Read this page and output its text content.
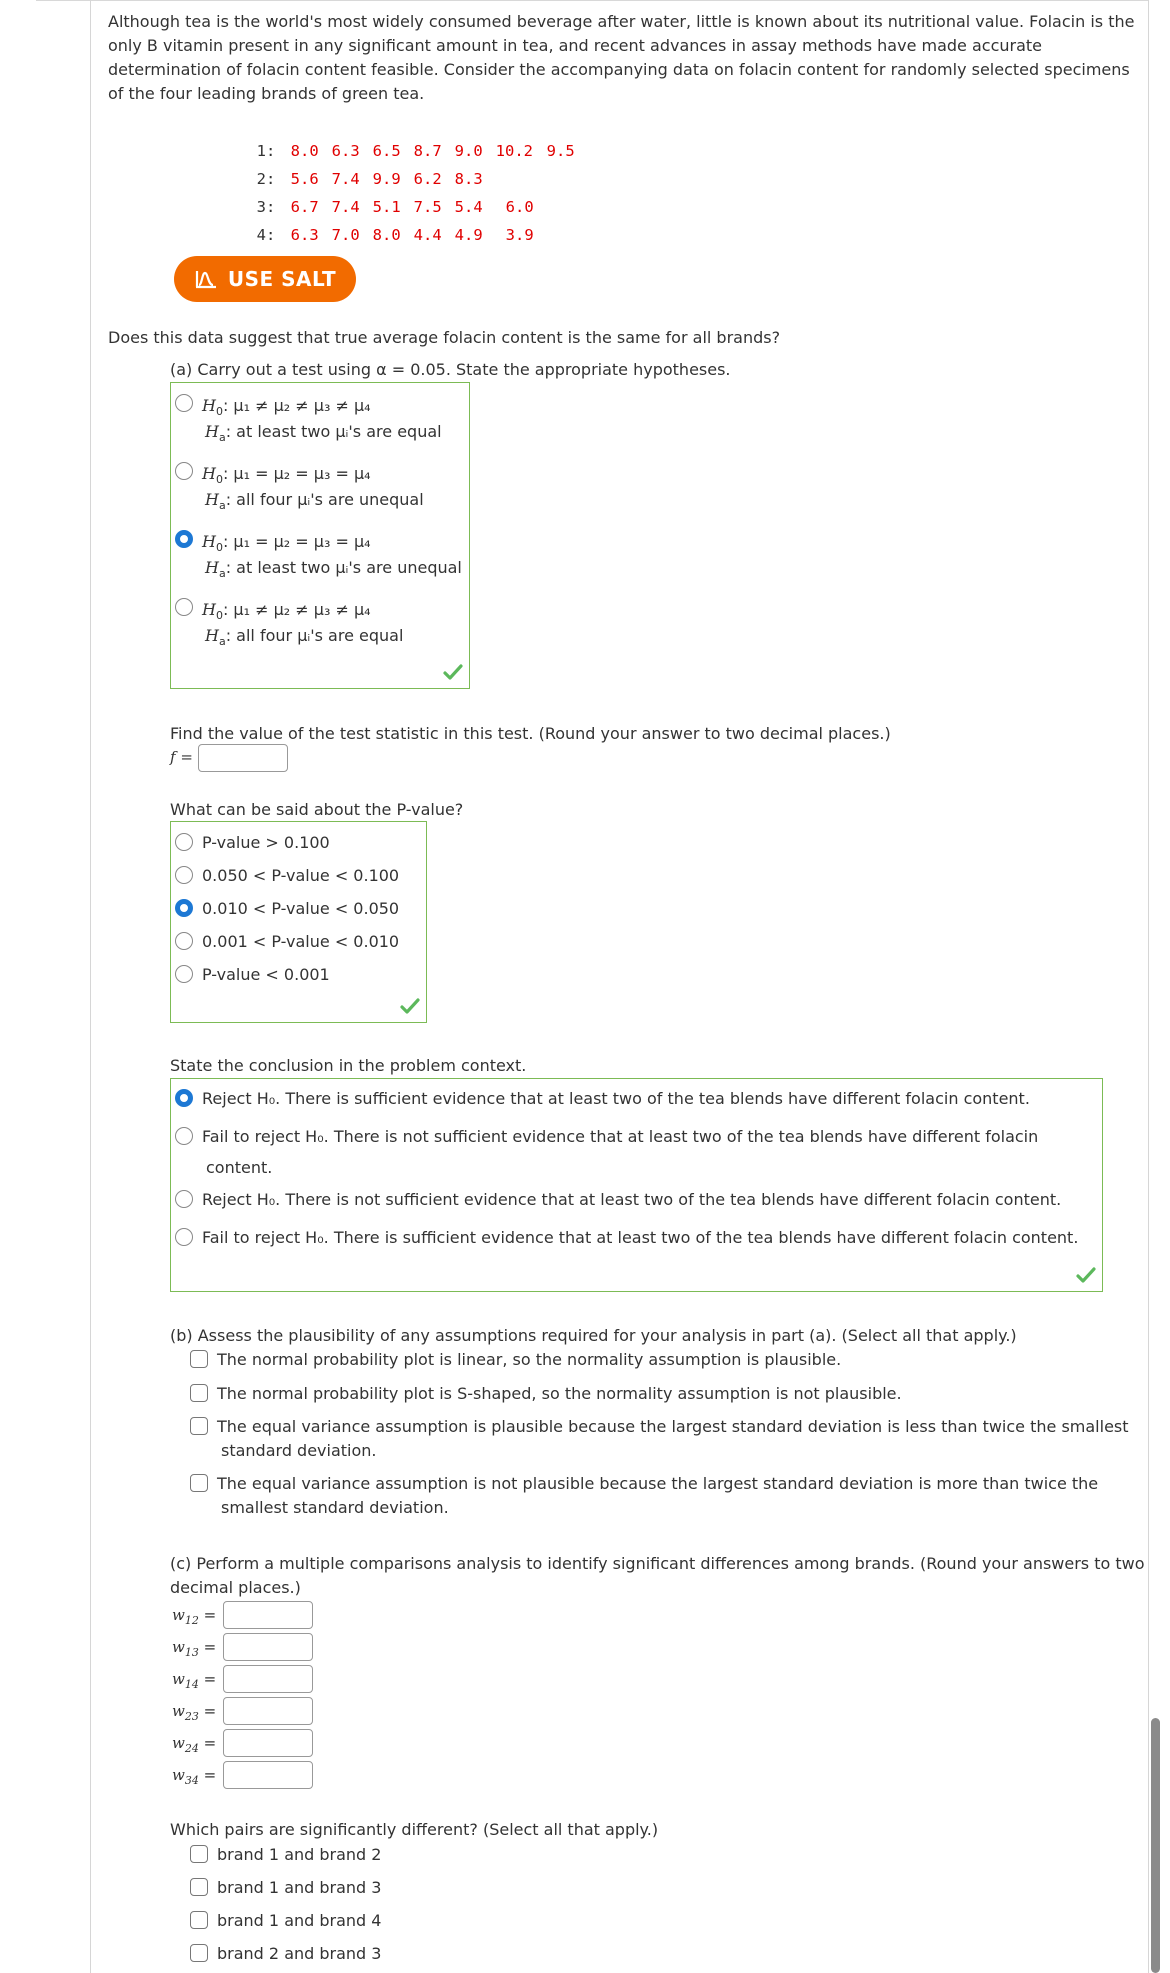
Although tea is the world's most widely consumed beverage after water, little is known about its nutritional value. Folacin is the only B vitamin present in any significant amount in tea, and recent advances in assay methods have made accurate determination of folacin content feasible. Consider the accompanying data on folacin content for randomly selected specimens of the four leading brands of green tea.

1: 8.0 6.3 6.5 8.7 9.0 10.2 9.5

2: 5.6 7.4 9.9 6.2 8.3

3: 6.7 7.4 5.1 7.5 5.4 6.0

4: 6.3 7.0 8.0 4.4 4.9 3.9

USE SALT
Does this data suggest that true average folacin content is the same for all brands?
(a) Carry out a test using α = 0.05. State the appropriate hypotheses.
$H_0$: μ₁ ≠ μ₂ ≠ μ₃ ≠ μ₄
$H_a$: at least two μᵢ's are equal
$H_0$: μ₁ = μ₂ = μ₃ = μ₄
$H_a$: all four μᵢ's are unequal
$H_0$: μ₁ = μ₂ = μ₃ = μ₄
$H_a$: at least two μᵢ's are unequal
$H_0$: μ₁ ≠ μ₂ ≠ μ₃ ≠ μ₄
$H_a$: all four μᵢ's are equal
Find the value of the test statistic in this test. (Round your answer to two decimal places.)
f =
What can be said about the P-value?
P-value > 0.100
0.050 < P-value < 0.100
0.010 < P-value < 0.050
0.001 < P-value < 0.010
P-value < 0.001
State the conclusion in the problem context.
Reject H₀. There is sufficient evidence that at least two of the tea blends have different folacin content.
Fail to reject H₀. There is not sufficient evidence that at least two of the tea blends have different folacin
content.
Reject H₀. There is not sufficient evidence that at least two of the tea blends have different folacin content.
Fail to reject H₀. There is sufficient evidence that at least two of the tea blends have different folacin content.
(b) Assess the plausibility of any assumptions required for your analysis in part (a). (Select all that apply.)
The normal probability plot is linear, so the normality assumption is plausible.
The normal probability plot is S-shaped, so the normality assumption is not plausible.
The equal variance assumption is plausible because the largest standard deviation is less than twice the smallest
standard deviation.
The equal variance assumption is not plausible because the largest standard deviation is more than twice the
smallest standard deviation.
(c) Perform a multiple comparisons analysis to identify significant differences among brands. (Round your answers to two
decimal places.)
$w_{12}$ =
$w_{13}$ =
$w_{14}$ =
$w_{23}$ =
$w_{24}$ =
$w_{34}$ =
Which pairs are significantly different? (Select all that apply.)
brand 1 and brand 2
brand 1 and brand 3
brand 1 and brand 4
brand 2 and brand 3
